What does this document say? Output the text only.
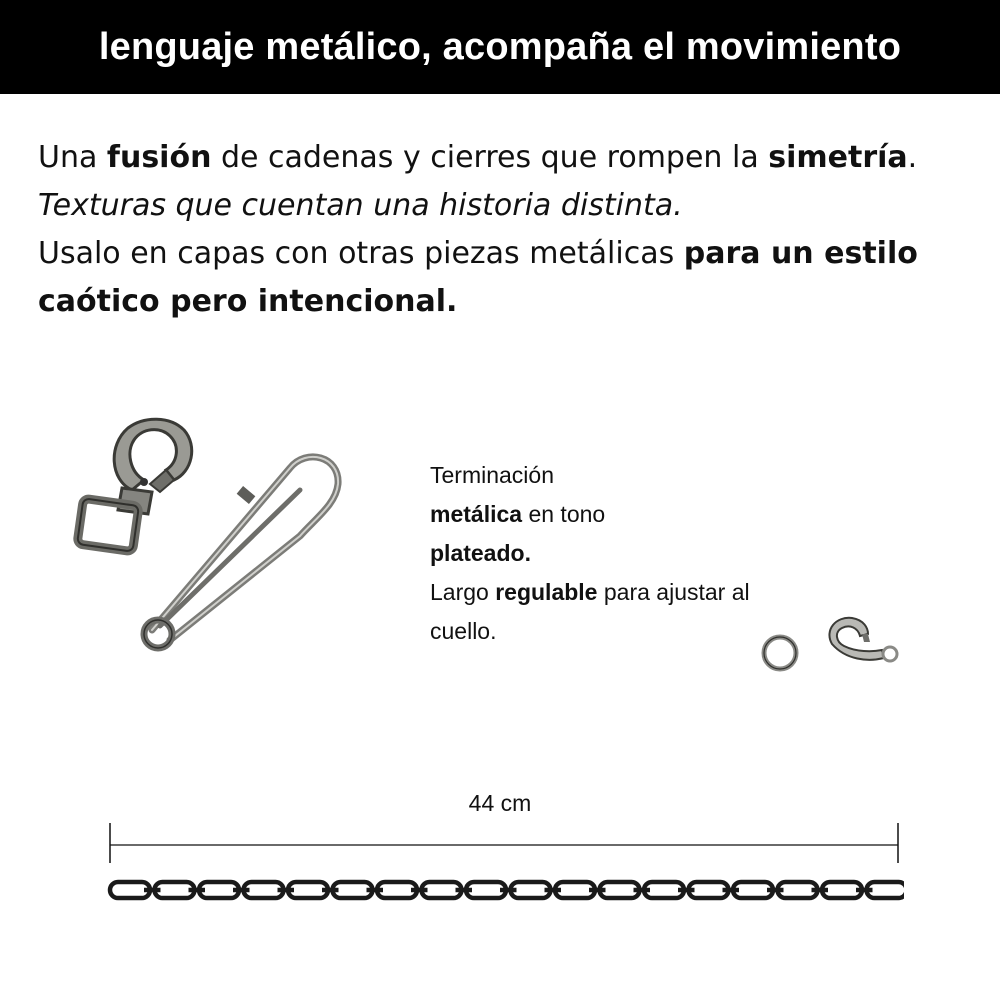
lenguaje metálico, acompaña el movimiento

Una fusión de cadenas y cierres que rompen la simetría.

Texturas que cuentan una historia distinta.

Usalo en capas con otras piezas metálicas para un estilo caótico pero intencional.

Terminación
metálica en tono
plateado.

Largo regulable para ajustar al cuello.

44 cm
